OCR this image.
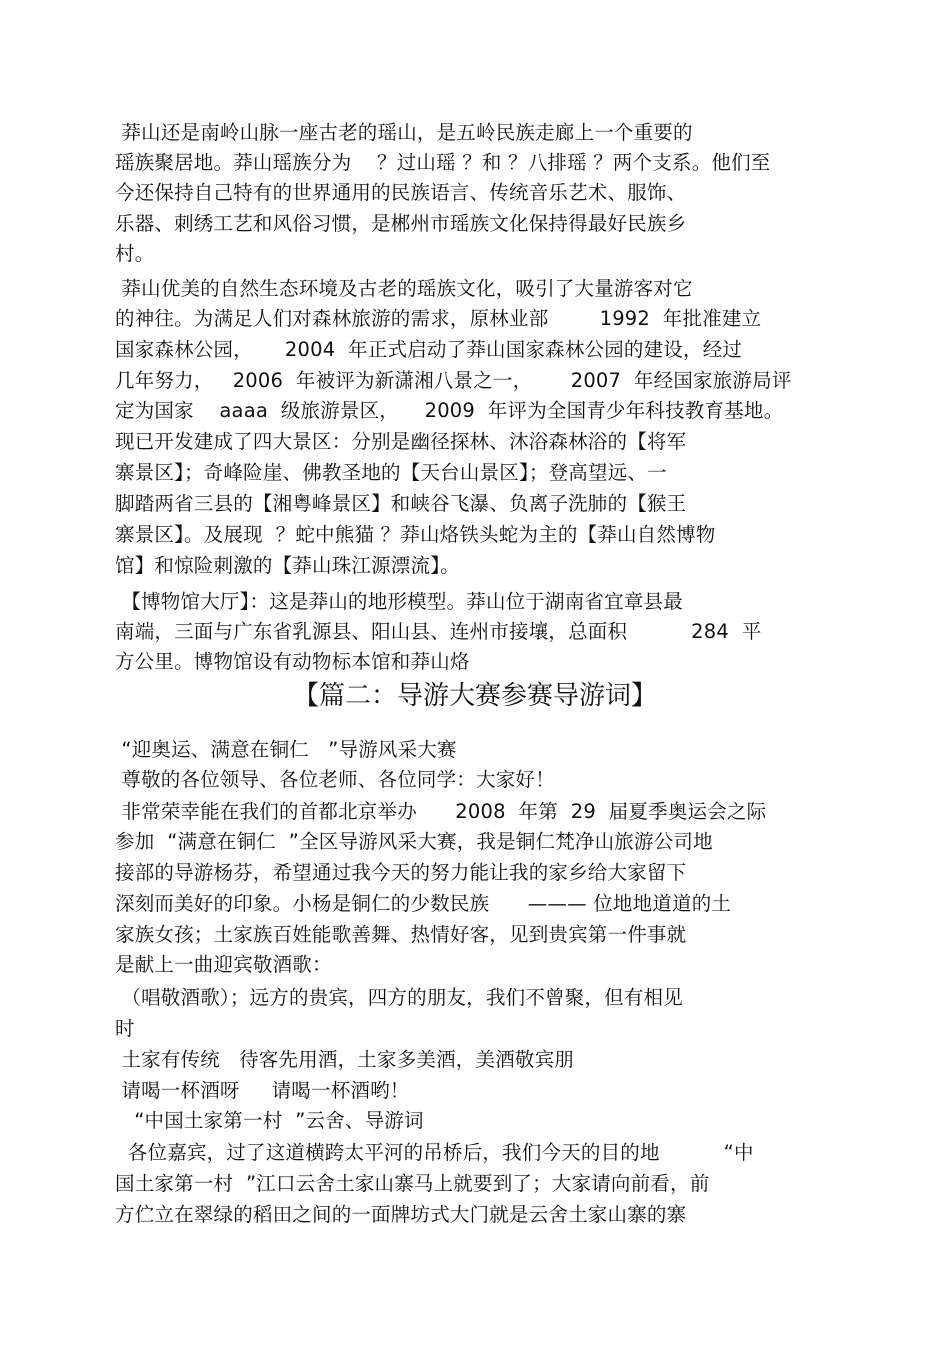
莽山还是南岭山脉一座古老的瑶山，是五岭民族走廊上一个重要的
瑶族聚居地。莽山瑶族分为    ？过山瑶 ？和 ？八排瑶 ？两个支系。他们至
今还保持自己特有的世界通用的民族语言、传统音乐艺术、服饰、
乐器、刺绣工艺和风俗习惯，是郴州市瑶族文化保持得最好民族乡
村。
莽山优美的自然生态环境及古老的瑶族文化，吸引了大量游客对它
的神往。为满足人们对森林旅游的需求，原林业部        1992  年批准建立
国家森林公园，     2004  年正式启动了莽山国家森林公园的建设，经过
几年努力，   2006  年被评为新潇湘八景之一，      2007  年经国家旅游局评
定为国家    aaaa  级旅游景区，    2009  年评为全国青少年科技教育基地。
现已开发建成了四大景区：分别是幽径探林、沐浴森林浴的【将军
寨景区】；奇峰险崖、佛教圣地的【天台山景区】；登高望远、一
脚踏两省三县的【湘粤峰景区】和峡谷飞瀑、负离子洗肺的【猴王
寨景区】。及展现  ？蛇中熊猫 ？莽山烙铁头蛇为主的【莽山自然博物
馆】和惊险刺激的【莽山珠江源漂流】。
【博物馆大厅】：这是莽山的地形模型。莽山位于湖南省宜章县最
南端，三面与广东省乳源县、阳山县、连州市接壤，总面积          284  平
方公里。博物馆设有动物标本馆和莽山烙
【篇二：导游大赛参赛导游词】
“迎奥运、满意在铜仁   ”导游风采大赛
尊敬的各位领导、各位老师、各位同学：大家好！
非常荣幸能在我们的首都北京举办      2008  年第  29  届夏季奥运会之际
参加  “满意在铜仁  ”全区导游风采大赛，我是铜仁梵净山旅游公司地
接部的导游杨芬，希望通过我今天的努力能让我的家乡给大家留下
深刻而美好的印象。小杨是铜仁的少数民族      ——— 位地地道道的土
家族女孩；土家族百姓能歌善舞、热情好客，见到贵宾第一件事就
是献上一曲迎宾敬酒歌：
（唱敬酒歌）；远方的贵宾，四方的朋友，我们不曾聚，但有相见
时
土家有传统   待客先用酒，土家多美酒，美酒敬宾朋
请喝一杯酒呀     请喝一杯酒哟！
“中国土家第一村  ”云舍、导游词
各位嘉宾，过了这道横跨太平河的吊桥后，我们今天的目的地          “中
国土家第一村  ”江口云舍土家山寨马上就要到了；大家请向前看，前
方伫立在翠绿的稻田之间的一面牌坊式大门就是云舍土家山寨的寨
